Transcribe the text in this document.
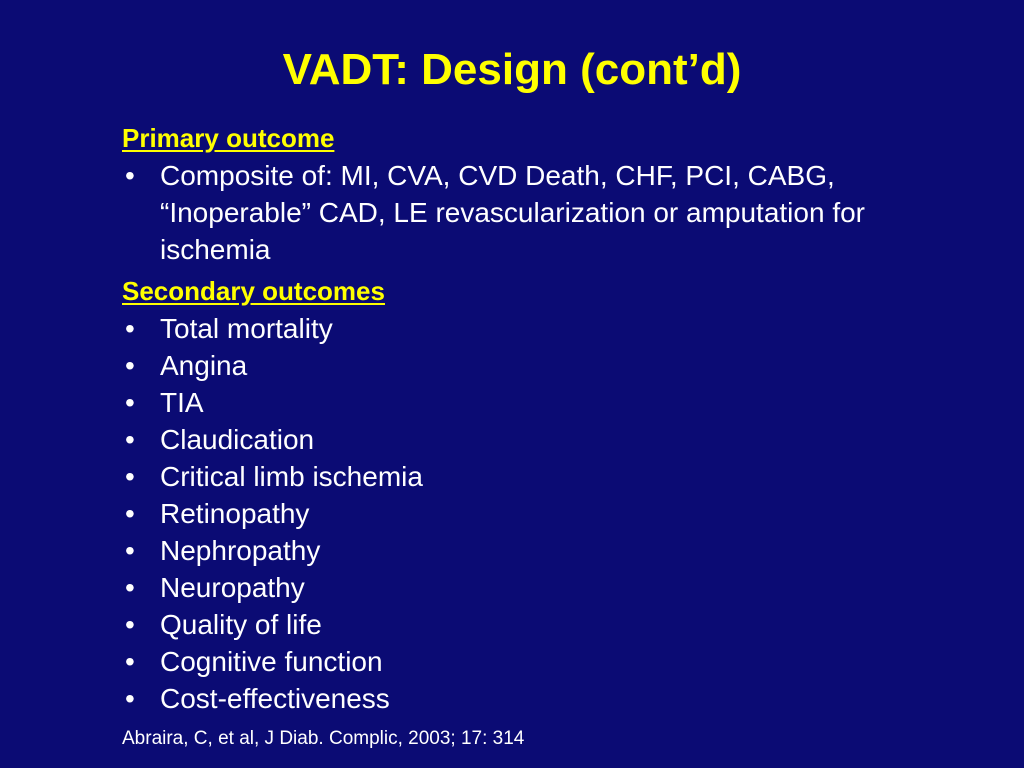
VADT: Design (cont’d)
Primary outcome
• Composite of: MI, CVA, CVD Death, CHF, PCI, CABG, “Inoperable” CAD, LE revascularization or amputation for ischemia
Secondary outcomes
• Total mortality
• Angina
• TIA
• Claudication
• Critical limb ischemia
• Retinopathy
• Nephropathy
• Neuropathy
• Quality of life
• Cognitive function
• Cost-effectiveness
Abraira, C, et al, J Diab. Complic, 2003; 17: 314
